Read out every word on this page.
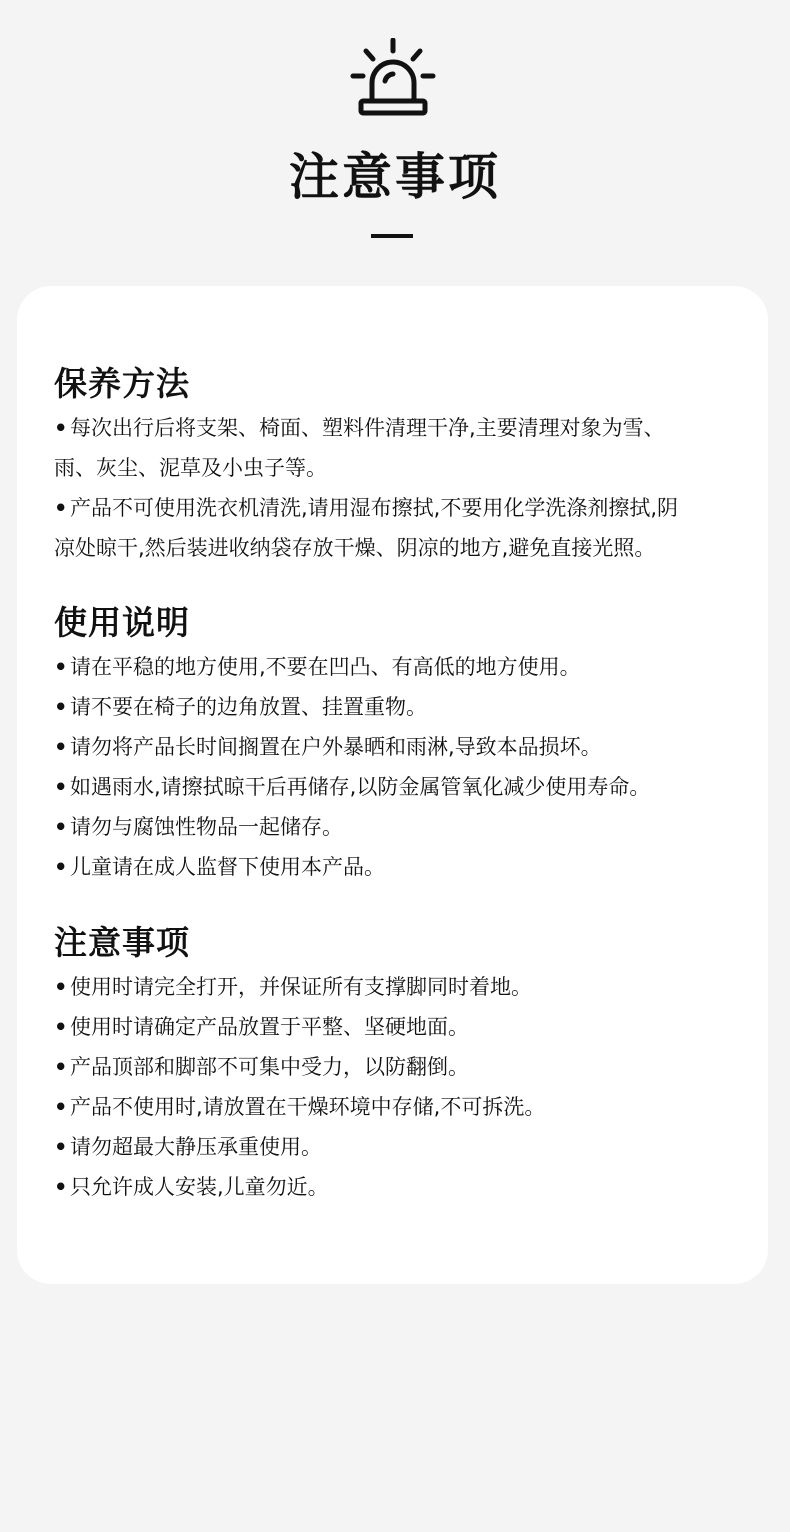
注意事项
保养方法
• 每次出行后将支架、椅面、塑料件清理干净,主要清理对象为雪、
雨、灰尘、泥草及小虫子等。
• 产品不可使用洗衣机清洗,请用湿布擦拭,不要用化学洗涤剂擦拭,阴
凉处晾干,然后装进收纳袋存放干燥、阴凉的地方,避免直接光照。
使用说明
• 请在平稳的地方使用,不要在凹凸、有高低的地方使用。
• 请不要在椅子的边角放置、挂置重物。
• 请勿将产品长时间搁置在户外暴晒和雨淋,导致本品损坏。
• 如遇雨水,请擦拭晾干后再储存,以防金属管氧化减少使用寿命。
• 请勿与腐蚀性物品一起储存。
• 儿童请在成人监督下使用本产品。
注意事项
• 使用时请完全打开，并保证所有支撑脚同时着地。
• 使用时请确定产品放置于平整、坚硬地面。
• 产品顶部和脚部不可集中受力，以防翻倒。
• 产品不使用时,请放置在干燥环境中存储,不可拆洗。
• 请勿超最大静压承重使用。
• 只允许成人安装,儿童勿近。
